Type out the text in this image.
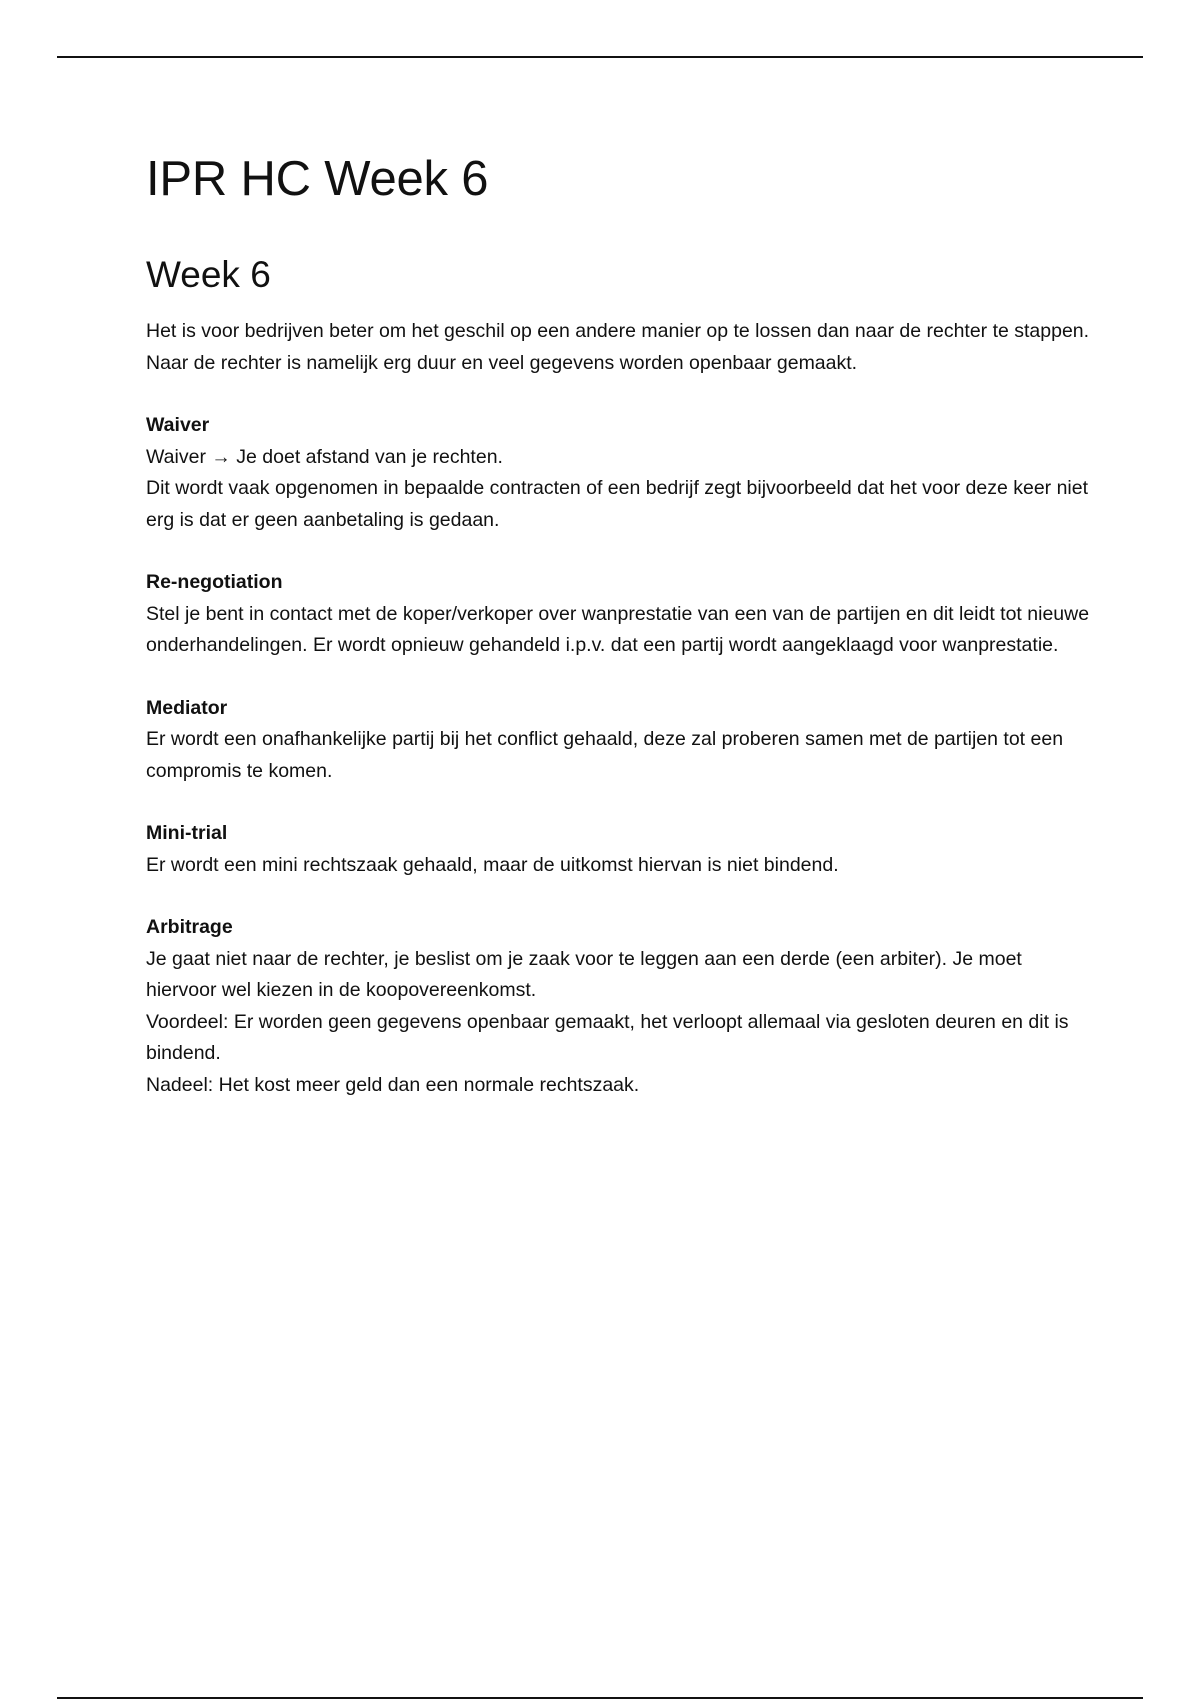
IPR HC Week 6
Week 6

Het is voor bedrijven beter om het geschil op een andere manier op te lossen dan naar de rechter te stappen. Naar de rechter is namelijk erg duur en veel gegevens worden openbaar gemaakt.

Waiver

Waiver → Je doet afstand van je rechten.

Dit wordt vaak opgenomen in bepaalde contracten of een bedrijf zegt bijvoorbeeld dat het voor deze keer niet erg is dat er geen aanbetaling is gedaan.

Re-negotiation

Stel je bent in contact met de koper/verkoper over wanprestatie van een van de partijen en dit leidt tot nieuwe onderhandelingen. Er wordt opnieuw gehandeld i.p.v. dat een partij wordt aangeklaagd voor wanprestatie.

Mediator

Er wordt een onafhankelijke partij bij het conflict gehaald, deze zal proberen samen met de partijen tot een compromis te komen.

Mini-trial

Er wordt een mini rechtszaak gehaald, maar de uitkomst hiervan is niet bindend.

Arbitrage

Je gaat niet naar de rechter, je beslist om je zaak voor te leggen aan een derde (een arbiter). Je moet hiervoor wel kiezen in de koopovereenkomst.

Voordeel: Er worden geen gegevens openbaar gemaakt, het verloopt allemaal via gesloten deuren en dit is bindend.

Nadeel: Het kost meer geld dan een normale rechtszaak.
